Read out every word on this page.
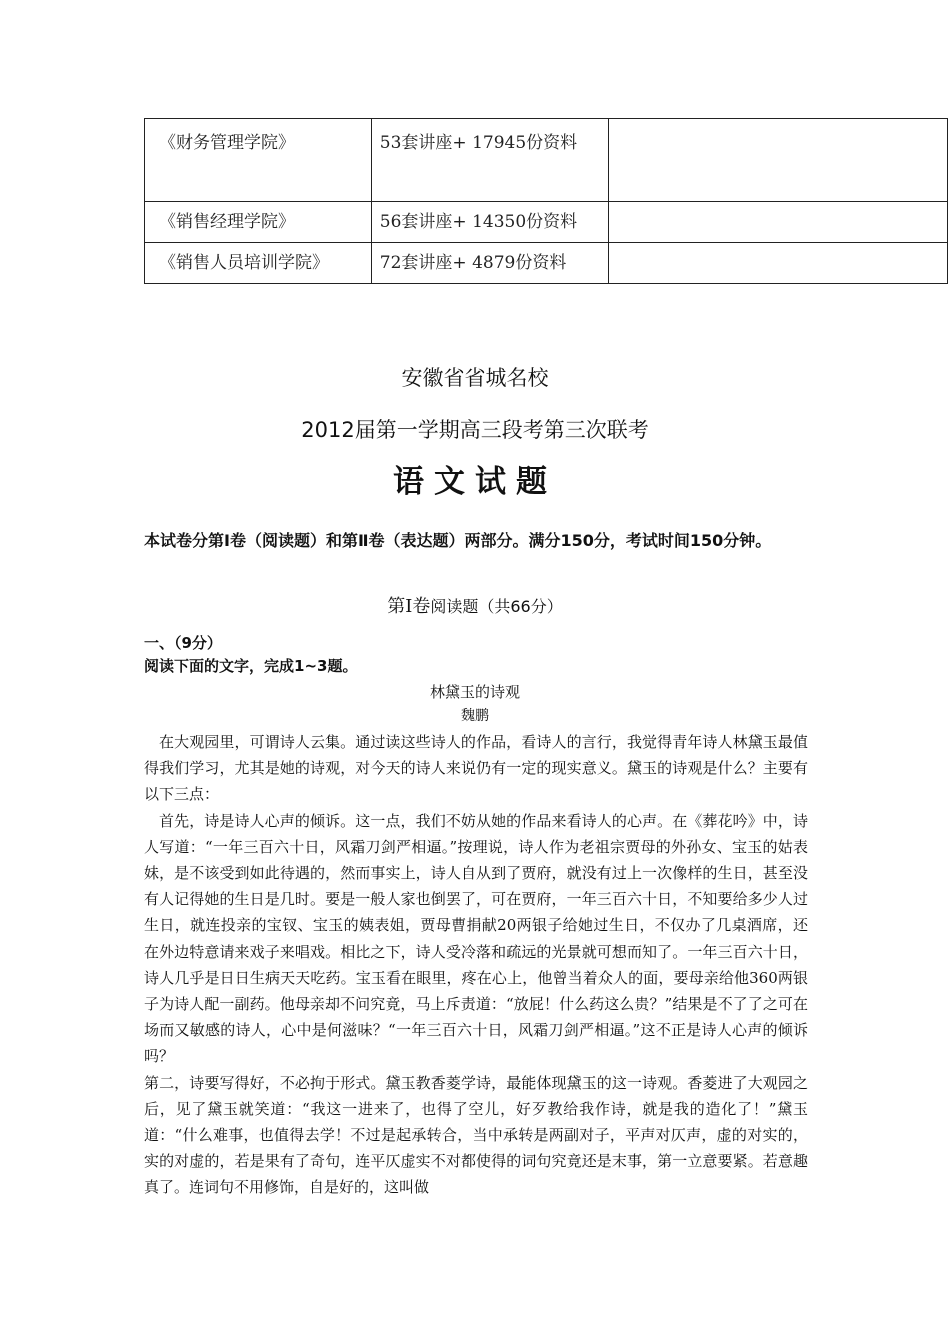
《财务管理学院》	53套讲座+ 17945份资料	
《销售经理学院》	56套讲座+ 14350份资料	
《销售人员培训学院》	72套讲座+ 4879份资料	
安徽省省城名校
2012届第一学期高三段考第三次联考
语文试题
本试卷分第Ⅰ卷（阅读题）和第Ⅱ卷（表达题）两部分。满分150分，考试时间150分钟。
第Ⅰ卷阅读题（共66分）
一、（9分）
阅读下面的文字，完成1~3题。
林黛玉的诗观
魏鹏

在大观园里，可谓诗人云集。通过读这些诗人的作品，看诗人的言行，我觉得青年诗人林黛玉最值得我们学习，尤其是她的诗观，对今天的诗人来说仍有一定的现实意义。黛玉的诗观是什么？主要有以下三点：

首先，诗是诗人心声的倾诉。这一点，我们不妨从她的作品来看诗人的心声。在《葬花吟》中，诗人写道：“一年三百六十日，风霜刀剑严相逼。”按理说，诗人作为老祖宗贾母的外孙女、宝玉的姑表妹，是不该受到如此待遇的，然而事实上，诗人自从到了贾府，就没有过上一次像样的生日，甚至没有人记得她的生日是几时。要是一般人家也倒罢了，可在贾府，一年三百六十日，不知要给多少人过生日，就连投亲的宝钗、宝玉的姨表姐，贾母曹捐献20两银子给她过生日，不仅办了几桌酒席，还在外边特意请来戏子来唱戏。相比之下，诗人受冷落和疏远的光景就可想而知了。一年三百六十日，诗人几乎是日日生病天天吃药。宝玉看在眼里，疼在心上，他曾当着众人的面，要母亲给他360两银子为诗人配一副药。他母亲却不问究竟，马上斥责道：“放屁！什么药这么贵？”结果是不了了之可在场而又敏感的诗人，心中是何滋味？“一年三百六十日，风霜刀剑严相逼。”这不正是诗人心声的倾诉吗？

第二，诗要写得好，不必拘于形式。黛玉教香菱学诗，最能体现黛玉的这一诗观。香菱进了大观园之后，见了黛玉就笑道：“我这一进来了，也得了空儿，好歹教给我作诗，就是我的造化了！”黛玉道：“什么难事，也值得去学！不过是起承转合，当中承转是两副对子，平声对仄声，虚的对实的，实的对虚的，若是果有了奇句，连平仄虚实不对都使得的词句究竟还是末事，第一立意要紧。若意趣真了。连词句不用修饰，自是好的，这叫做
